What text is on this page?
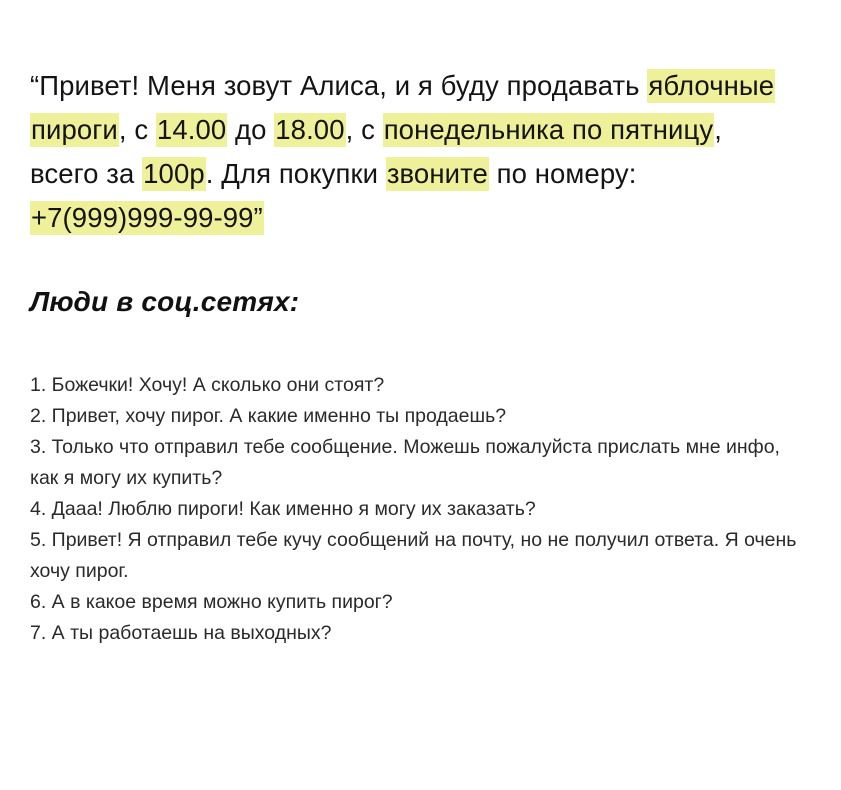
“Привет! Меня зовут Алиса, и я буду продавать яблочные пироги, с 14.00 до 18.00, с понедельника по пятницу, всего за 100р. Для покупки звоните по номеру: +7(999)999-99-99”

Люди в соц.сетях:

1. Божечки! Хочу! А сколько они стоят?

2. Привет, хочу пирог. А какие именно ты продаешь?

3. Только что отправил тебе сообщение. Можешь пожалуйста прислать мне инфо, как я могу их купить?

4. Дааа! Люблю пироги! Как именно я могу их заказать?

5. Привет! Я отправил тебе кучу сообщений на почту, но не получил ответа. Я очень хочу пирог.

6. А в какое время можно купить пирог?

7. А ты работаешь на выходных?
